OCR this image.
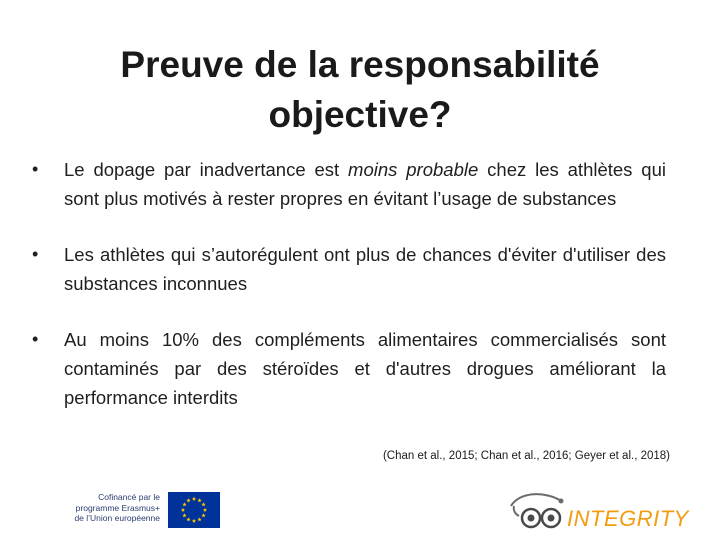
Preuve de la responsabilité
objective?
• Le dopage par inadvertance est moins probable chez les athlètes qui sont plus motivés à rester propres en évitant l’usage de substances
• Les athlètes qui s’autorégulent ont plus de chances d'éviter d'utiliser des substances inconnues
• Au moins 10% des compléments alimentaires commercialisés sont contaminés par des stéroïdes et d'autres drogues améliorant la performance interdits
(Chan et al., 2015; Chan et al., 2016; Geyer et al., 2018)
Cofinancé par le
programme Erasmus+
de l’Union européenne	INTEGRITY
